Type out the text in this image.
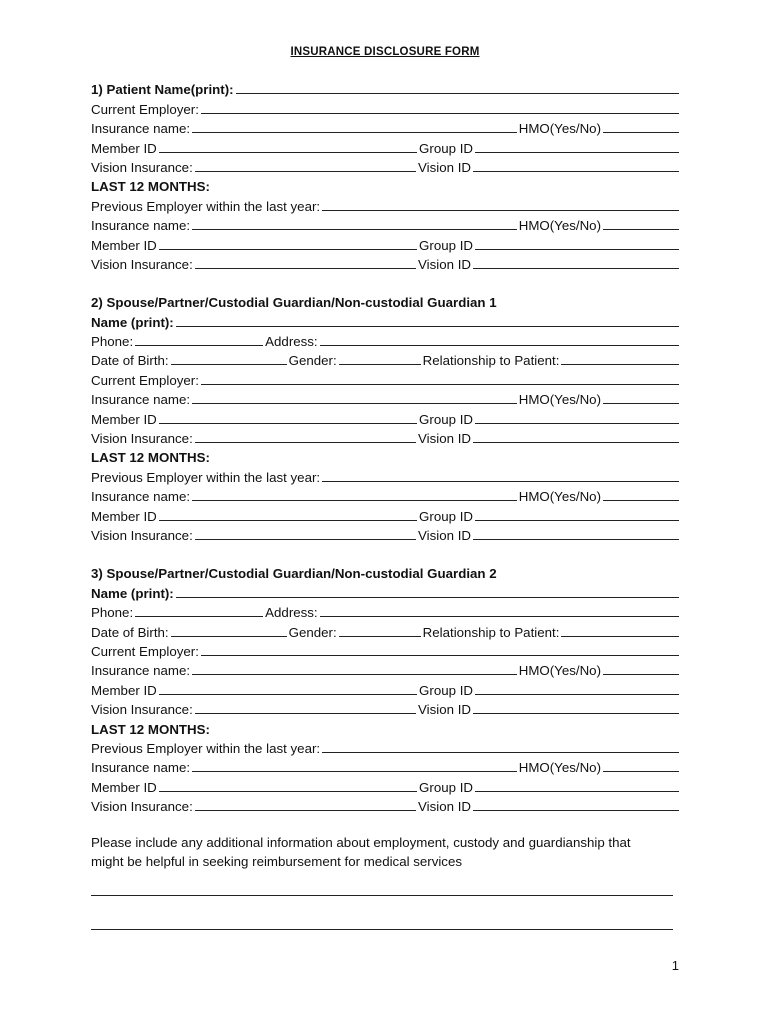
INSURANCE DISCLOSURE FORM
1) Patient Name(print):
Current Employer:
Insurance name:	HMO(Yes/No)
Member ID	Group ID
Vision Insurance:	Vision ID
LAST 12 MONTHS:
Previous Employer within the last year:
Insurance name:	HMO(Yes/No)
Member ID	Group ID
Vision Insurance:	Vision ID
2) Spouse/Partner/Custodial Guardian/Non-custodial Guardian 1
Name (print):
Phone:	Address:
Date of Birth:	Gender:	Relationship to Patient:
Current Employer:
Insurance name:	HMO(Yes/No)
Member ID	Group ID
Vision Insurance:	Vision ID
LAST 12 MONTHS:
Previous Employer within the last year:
Insurance name:	HMO(Yes/No)
Member ID	Group ID
Vision Insurance:	Vision ID
3) Spouse/Partner/Custodial Guardian/Non-custodial Guardian 2
Name (print):
Phone:	Address:
Date of Birth:	Gender:	Relationship to Patient:
Current Employer:
Insurance name:	HMO(Yes/No)
Member ID	Group ID
Vision Insurance:	Vision ID
LAST 12 MONTHS:
Previous Employer within the last year:
Insurance name:	HMO(Yes/No)
Member ID	Group ID
Vision Insurance:	Vision ID
Please include any additional information about employment, custody and guardianship that
might be helpful in seeking reimbursement for medical services
1
